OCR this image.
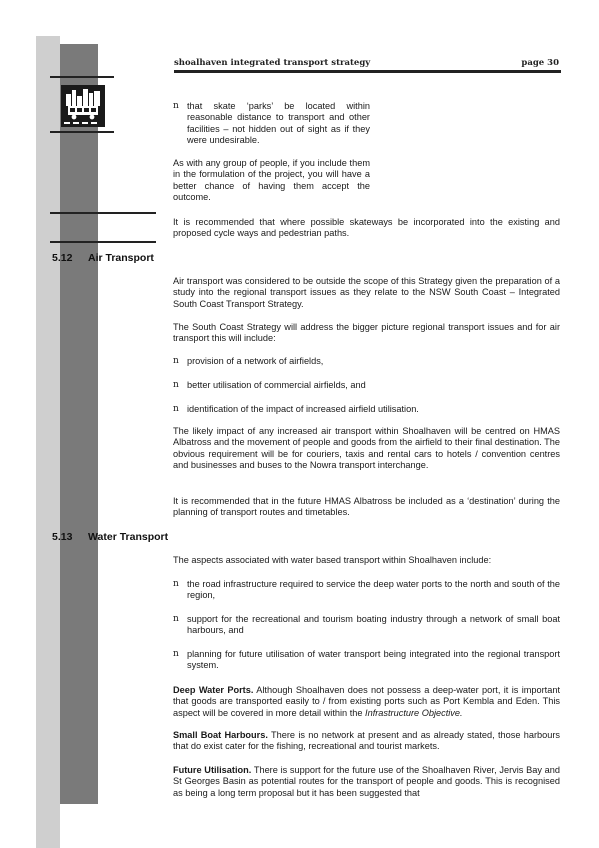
shoalhaven integrated transport strategy	page 30
n that skate ‘parks’ be located within reasonable distance to transport and other facilities – not hidden out of sight as if they were undesirable.
As with any group of people, if you include them in the formulation of the project, you will have a better chance of having them accept the outcome.
It is recommended that where possible skateways be incorporated into the existing and proposed cycle ways and pedestrian paths.
5.12 Air Transport
Air transport was considered to be outside the scope of this Strategy given the preparation of a study into the regional transport issues as they relate to the NSW South Coast – Integrated South Coast Transport Strategy.
The South Coast Strategy will address the bigger picture regional transport issues and for air transport this will include:
n provision of a network of airfields,
n better utilisation of commercial airfields, and
n identification of the impact of increased airfield utilisation.
The likely impact of any increased air transport within Shoalhaven will be centred on HMAS Albatross and the movement of people and goods from the airfield to their final destination. The obvious requirement will be for couriers, taxis and rental cars to hotels / convention centres and businesses and buses to the Nowra transport interchange.
It is recommended that in the future HMAS Albatross be included as a ‘destination’ during the planning of transport routes and timetables.
5.13 Water Transport
The aspects associated with water based transport within Shoalhaven include:
n the road infrastructure required to service the deep water ports to the north and south of the region,
n support for the recreational and tourism boating industry through a network of small boat harbours, and
n planning for future utilisation of water transport being integrated into the regional transport system.
Deep Water Ports. Although Shoalhaven does not possess a deep-water port, it is important that goods are transported easily to / from existing ports such as Port Kembla and Eden. This aspect will be covered in more detail within the Infrastructure Objective.
Small Boat Harbours. There is no network at present and as already stated, those harbours that do exist cater for the fishing, recreational and tourist markets.
Future Utilisation. There is support for the future use of the Shoalhaven River, Jervis Bay and St Georges Basin as potential routes for the transport of people and goods. This is recognised as being a long term proposal but it has been suggested that
